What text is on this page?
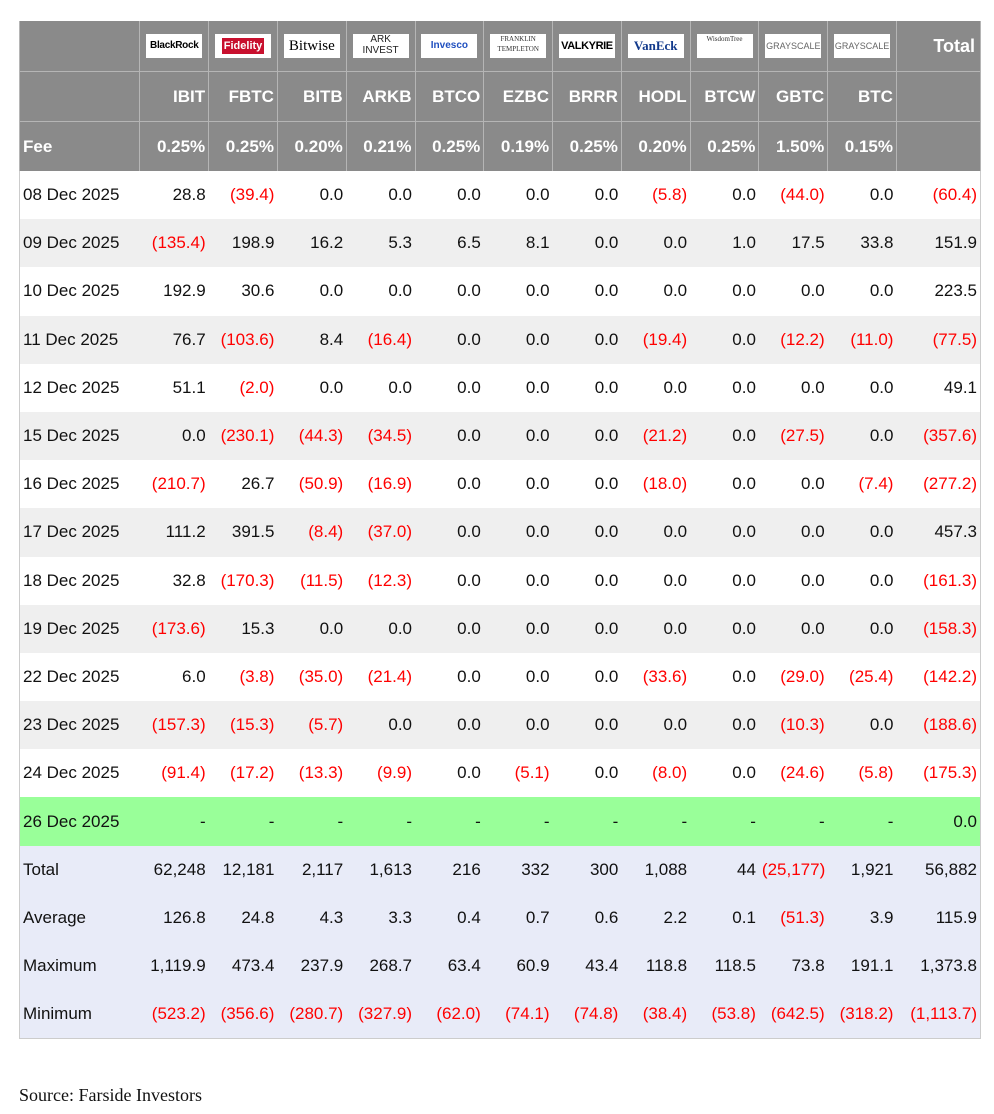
	BlackRock	Fidelity	Bitwise	ARK INVEST	Invesco	FRANKLIN TEMPLETON	VALKYRIE	VanEck	WisdomTree	GRAYSCALE	GRAYSCALE	Total
	IBIT	FBTC	BITB	ARKB	BTCO	EZBC	BRRR	HODL	BTCW	GBTC	BTC	
Fee	0.25%	0.25%	0.20%	0.21%	0.25%	0.19%	0.25%	0.20%	0.25%	1.50%	0.15%	
08 Dec 2025	28.8	(39.4)	0.0	0.0	0.0	0.0	0.0	(5.8)	0.0	(44.0)	0.0	(60.4)
09 Dec 2025	(135.4)	198.9	16.2	5.3	6.5	8.1	0.0	0.0	1.0	17.5	33.8	151.9
10 Dec 2025	192.9	30.6	0.0	0.0	0.0	0.0	0.0	0.0	0.0	0.0	0.0	223.5
11 Dec 2025	76.7	(103.6)	8.4	(16.4)	0.0	0.0	0.0	(19.4)	0.0	(12.2)	(11.0)	(77.5)
12 Dec 2025	51.1	(2.0)	0.0	0.0	0.0	0.0	0.0	0.0	0.0	0.0	0.0	49.1
15 Dec 2025	0.0	(230.1)	(44.3)	(34.5)	0.0	0.0	0.0	(21.2)	0.0	(27.5)	0.0	(357.6)
16 Dec 2025	(210.7)	26.7	(50.9)	(16.9)	0.0	0.0	0.0	(18.0)	0.0	0.0	(7.4)	(277.2)
17 Dec 2025	111.2	391.5	(8.4)	(37.0)	0.0	0.0	0.0	0.0	0.0	0.0	0.0	457.3
18 Dec 2025	32.8	(170.3)	(11.5)	(12.3)	0.0	0.0	0.0	0.0	0.0	0.0	0.0	(161.3)
19 Dec 2025	(173.6)	15.3	0.0	0.0	0.0	0.0	0.0	0.0	0.0	0.0	0.0	(158.3)
22 Dec 2025	6.0	(3.8)	(35.0)	(21.4)	0.0	0.0	0.0	(33.6)	0.0	(29.0)	(25.4)	(142.2)
23 Dec 2025	(157.3)	(15.3)	(5.7)	0.0	0.0	0.0	0.0	0.0	0.0	(10.3)	0.0	(188.6)
24 Dec 2025	(91.4)	(17.2)	(13.3)	(9.9)	0.0	(5.1)	0.0	(8.0)	0.0	(24.6)	(5.8)	(175.3)
26 Dec 2025	-	-	-	-	-	-	-	-	-	-	-	0.0
Total	62,248	12,181	2,117	1,613	216	332	300	1,088	44	(25,177)	1,921	56,882
Average	126.8	24.8	4.3	3.3	0.4	0.7	0.6	2.2	0.1	(51.3)	3.9	115.9
Maximum	1,119.9	473.4	237.9	268.7	63.4	60.9	43.4	118.8	118.5	73.8	191.1	1,373.8
Minimum	(523.2)	(356.6)	(280.7)	(327.9)	(62.0)	(74.1)	(74.8)	(38.4)	(53.8)	(642.5)	(318.2)	(1,113.7)

Source: Farside Investors
